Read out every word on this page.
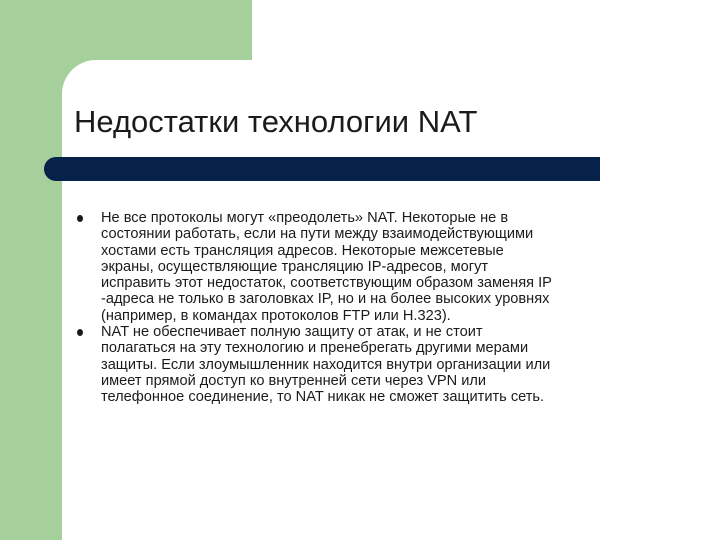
Недостатки технологии NAT
Не все протоколы могут «преодолеть» NAT. Некоторые не в
состоянии работать, если на пути между взаимодействующими
хостами есть трансляция адресов. Некоторые межсетевые
экраны, осуществляющие трансляцию IP-адресов, могут
исправить этот недостаток, соответствующим образом заменяя IP
-адреса не только в заголовках IP, но и на более высоких уровнях
(например, в командах протоколов FTP или H.323).
NAT не обеспечивает полную защиту от атак, и не стоит
полагаться на эту технологию и пренебрегать другими мерами
защиты. Если злоумышленник находится внутри организации или
имеет прямой доступ ко внутренней сети через VPN или
телефонное соединение, то NAT никак не сможет защитить сеть.
